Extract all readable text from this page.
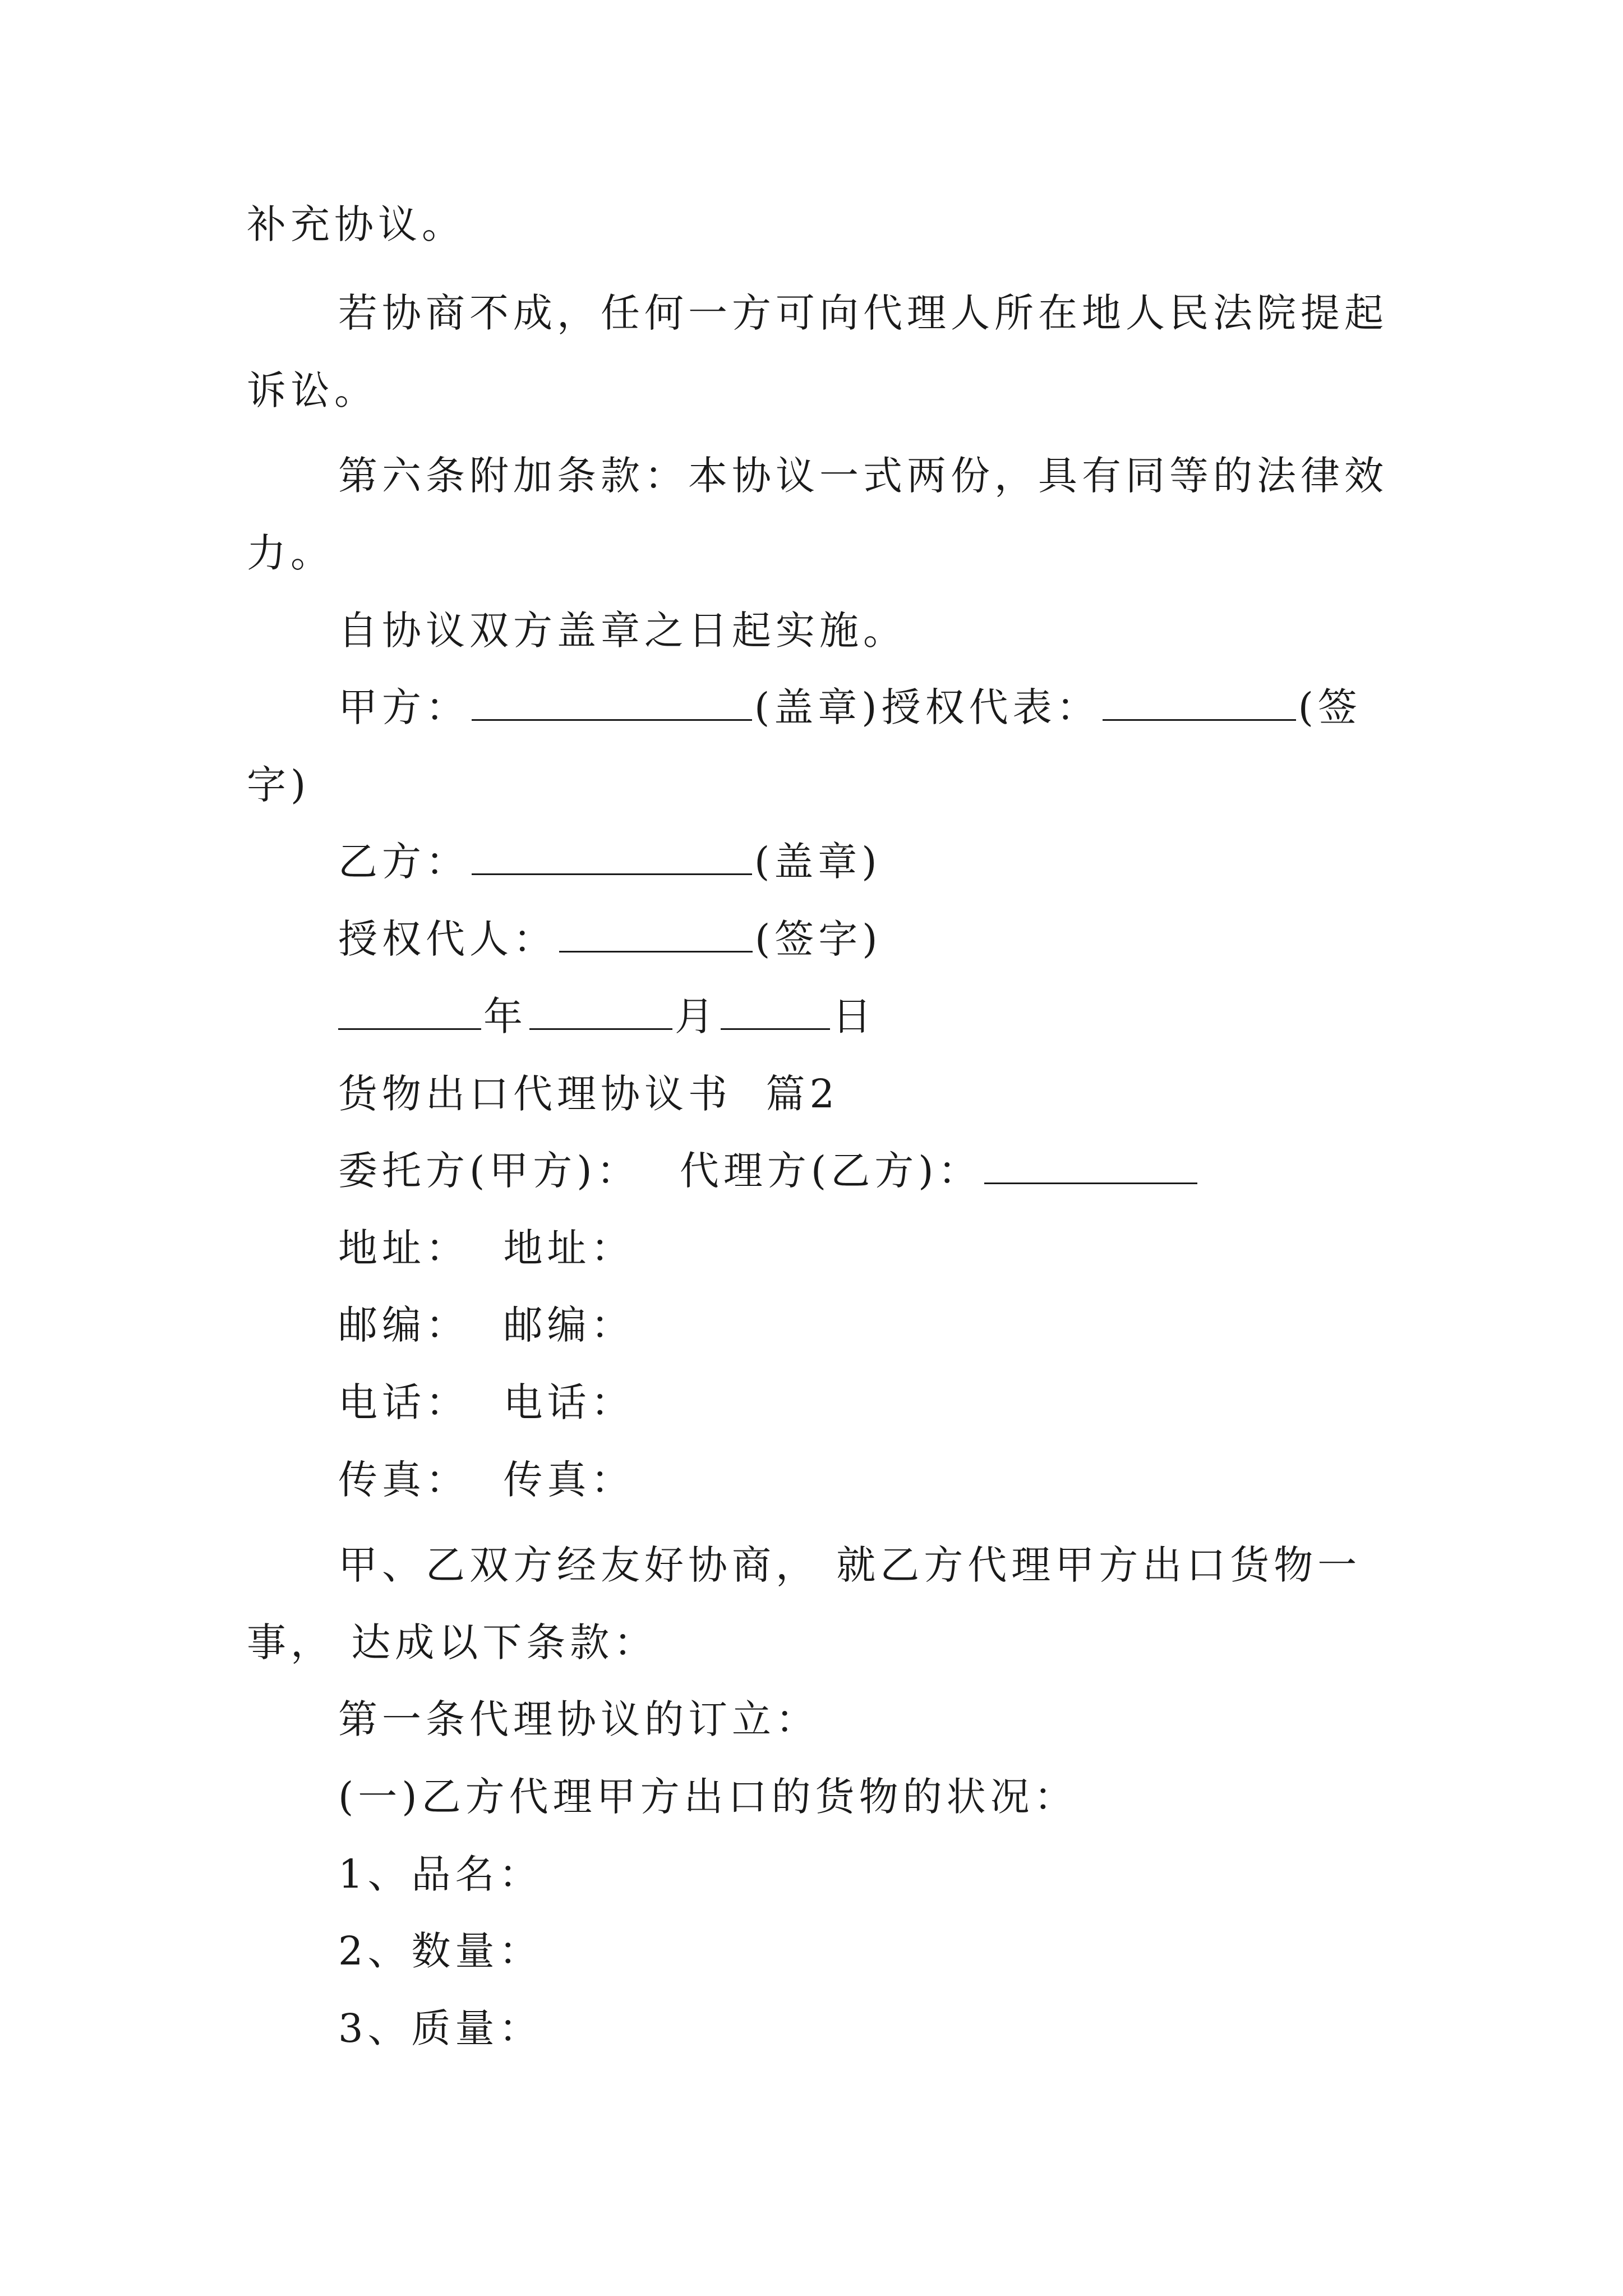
补充协议。
若协商不成，任何一方可向代理人所在地人民法院提起
诉讼。
第六条附加条款：本协议一式两份，具有同等的法律效
力。
自协议双方盖章之日起实施。
甲方：	(盖章)授权代表：	(签
字)
乙方：	(盖章)
授权代人：	(签字)
年	月	日
货物出口代理协议书  篇2
委托方(甲方)： 代理方(乙方)：
地址：  地址：
邮编：  邮编：
电话：  电话：
传真：  传真：
甲、乙双方经友好协商， 就乙方代理甲方出口货物一
事， 达成以下条款：
第一条代理协议的订立：
(一)乙方代理甲方出口的货物的状况：
1、品名：
2、数量：
3、质量：
